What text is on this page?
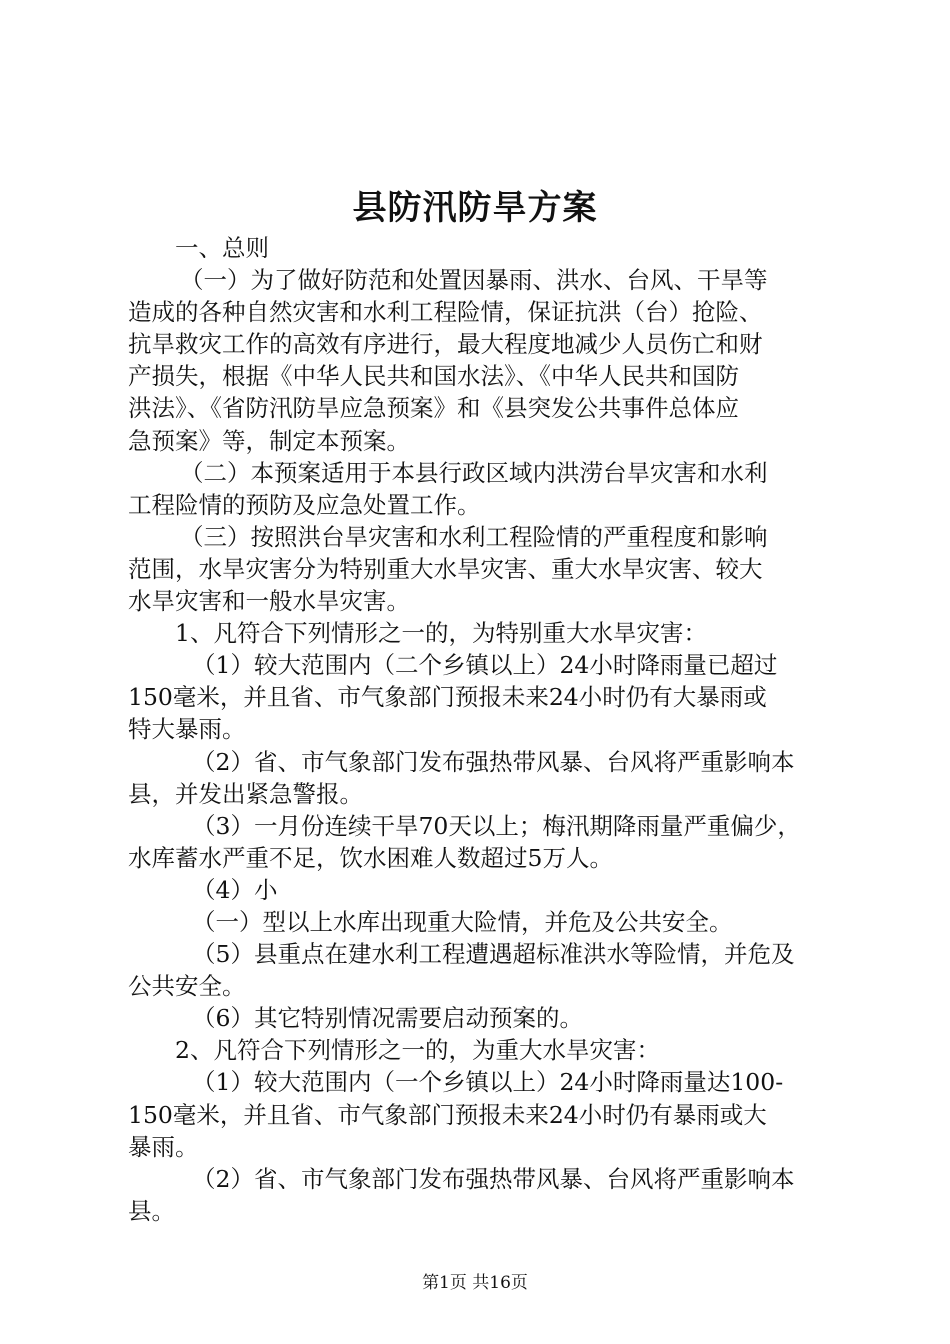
县防汛防旱方案
一、总则
（一）为了做好防范和处置因暴雨、洪水、台风、干旱等
造成的各种自然灾害和水利工程险情，保证抗洪（台）抢险、
抗旱救灾工作的高效有序进行，最大程度地减少人员伤亡和财
产损失，根据《中华人民共和国水法》、《中华人民共和国防
洪法》、《省防汛防旱应急预案》和《县突发公共事件总体应
急预案》等，制定本预案。
（二）本预案适用于本县行政区域内洪涝台旱灾害和水利
工程险情的预防及应急处置工作。
（三）按照洪台旱灾害和水利工程险情的严重程度和影响
范围，水旱灾害分为特别重大水旱灾害、重大水旱灾害、较大
水旱灾害和一般水旱灾害。
1、凡符合下列情形之一的，为特别重大水旱灾害：
（1）较大范围内（二个乡镇以上）24小时降雨量已超过
150毫米，并且省、市气象部门预报未来24小时仍有大暴雨或
特大暴雨。
（2）省、市气象部门发布强热带风暴、台风将严重影响本
县，并发出紧急警报。
（3）一月份连续干旱70天以上；梅汛期降雨量严重偏少，
水库蓄水严重不足，饮水困难人数超过5万人。
（4）小
（一）型以上水库出现重大险情，并危及公共安全。
（5）县重点在建水利工程遭遇超标准洪水等险情，并危及
公共安全。
（6）其它特别情况需要启动预案的。
2、凡符合下列情形之一的，为重大水旱灾害：
（1）较大范围内（一个乡镇以上）24小时降雨量达100-
150毫米，并且省、市气象部门预报未来24小时仍有暴雨或大
暴雨。
（2）省、市气象部门发布强热带风暴、台风将严重影响本
县。
第1页 共16页
